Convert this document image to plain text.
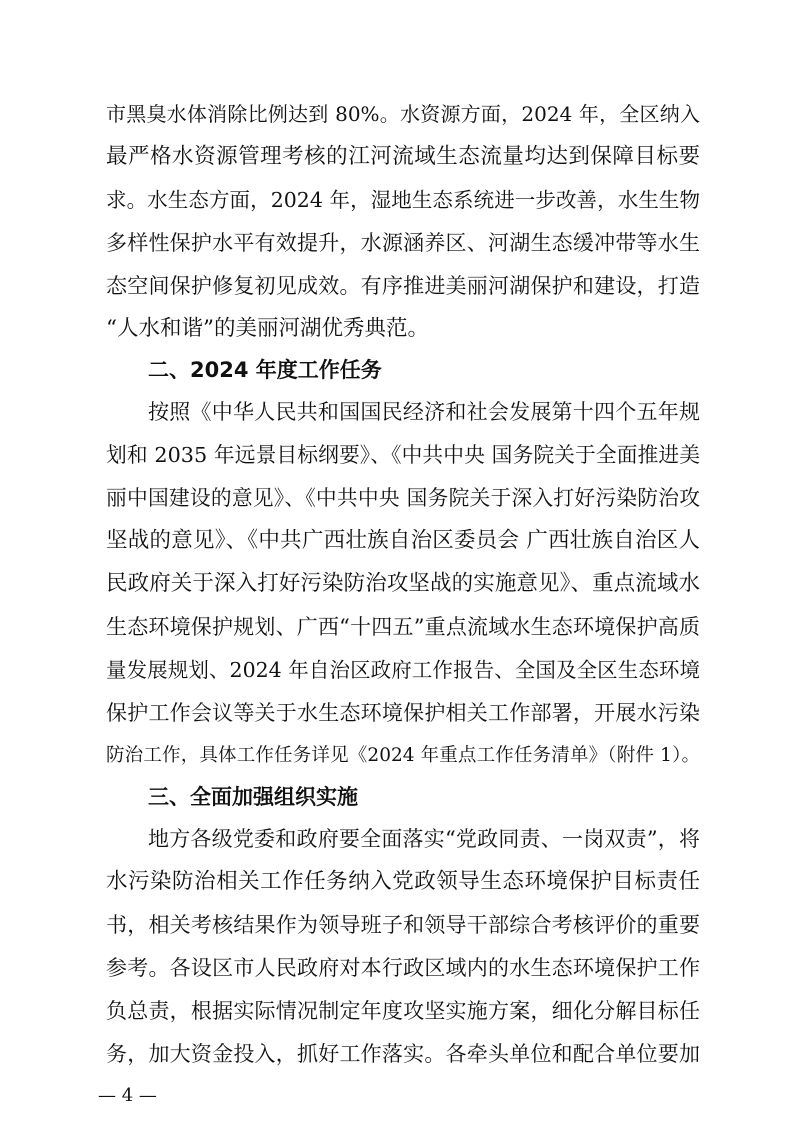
市黑臭水体消除比例达到 80%。水资源方面，2024 年，全区纳入
最严格水资源管理考核的江河流域生态流量均达到保障目标要
求。水生态方面，2024 年，湿地生态系统进一步改善，水生生物
多样性保护水平有效提升，水源涵养区、河湖生态缓冲带等水生
态空间保护修复初见成效。有序推进美丽河湖保护和建设，打造
“人水和谐”的美丽河湖优秀典范。
二、2024 年度工作任务
按照《中华人民共和国国民经济和社会发展第十四个五年规
划和 2035 年远景目标纲要》、《中共中央 国务院关于全面推进美
丽中国建设的意见》、《中共中央 国务院关于深入打好污染防治攻
坚战的意见》、《中共广西壮族自治区委员会 广西壮族自治区人
民政府关于深入打好污染防治攻坚战的实施意见》、重点流域水
生态环境保护规划、广西“十四五”重点流域水生态环境保护高质
量发展规划、2024 年自治区政府工作报告、全国及全区生态环境
保护工作会议等关于水生态环境保护相关工作部署，开展水污染
防治工作，具体工作任务详见《2024 年重点工作任务清单》（附件 1）。
三、全面加强组织实施
地方各级党委和政府要全面落实“党政同责、一岗双责”，将
水污染防治相关工作任务纳入党政领导生态环境保护目标责任
书，相关考核结果作为领导班子和领导干部综合考核评价的重要
参考。各设区市人民政府对本行政区域内的水生态环境保护工作
负总责，根据实际情况制定年度攻坚实施方案，细化分解目标任
务，加大资金投入，抓好工作落实。各牵头单位和配合单位要加
— 4 —
